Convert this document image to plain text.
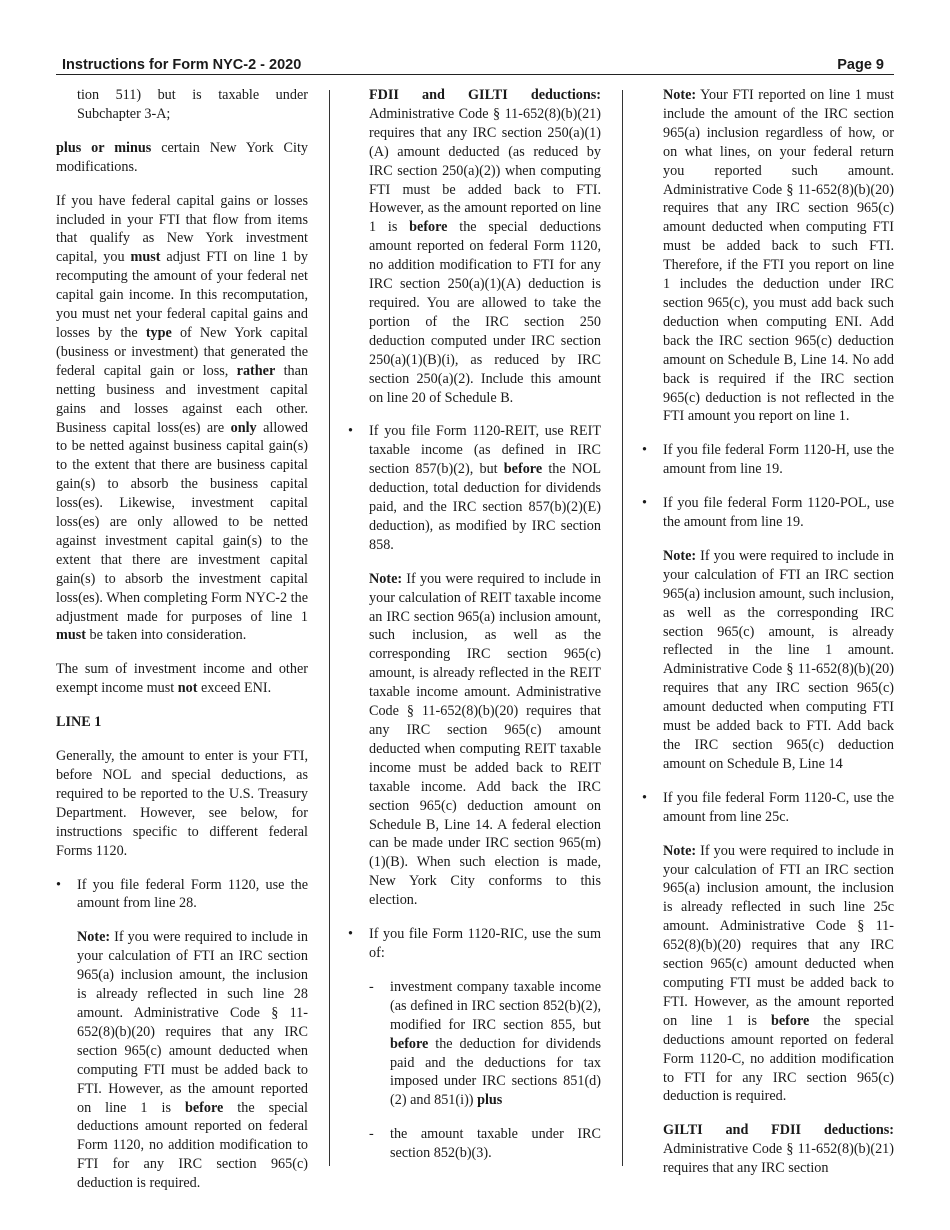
Instructions for Form NYC-2 - 2020	Page 9

tion 511) but is taxable under Subchapter 3-A;

plus or minus certain New York City modifications.

If you have federal capital gains or losses included in your FTI that flow from items that qualify as New York investment capital, you must adjust FTI on line 1 by recomputing the amount of your federal net capital gain income. In this recomputation, you must net your federal capital gains and losses by the type of New York capital (business or investment) that generated the federal capital gain or loss, rather than netting business and investment capital gains and losses against each other. Business capital loss(es) are only allowed to be netted against business capital gain(s) to the extent that there are business capital gain(s) to absorb the business capital loss(es). Likewise, investment capital loss(es) are only allowed to be netted against investment capital gain(s) to the extent that there are investment capital gain(s) to absorb the investment capital loss(es). When completing Form NYC-2 the adjustment made for purposes of line 1 must be taken into consideration.

The sum of investment income and other exempt income must not exceed ENI.

LINE 1

Generally, the amount to enter is your FTI, before NOL and special deductions, as required to be reported to the U.S. Treasury Department. However, see below, for instructions specific to different federal Forms 1120.

• If you file federal Form 1120, use the amount from line 28.

Note: If you were required to include in your calculation of FTI an IRC section 965(a) inclusion amount, the inclusion is already reflected in such line 28 amount. Administrative Code § 11-652(8)(b)(20) requires that any IRC section 965(c) amount deducted when computing FTI must be added back to FTI. However, as the amount reported on line 1 is before the special deductions amount reported on federal Form 1120, no addition modification to FTI for any IRC section 965(c) deduction is required.

FDII and GILTI deductions: Administrative Code § 11-652(8)(b)(21) requires that any IRC section 250(a)(1)(A) amount deducted (as reduced by IRC section 250(a)(2)) when computing FTI must be added back to FTI. However, as the amount reported on line 1 is before the special deductions amount reported on federal Form 1120, no addition modification to FTI for any IRC section 250(a)(1)(A) deduction is required. You are allowed to take the portion of the IRC section 250 deduction computed under IRC section 250(a)(1)(B)(i), as reduced by IRC section 250(a)(2). Include this amount on line 20 of Schedule B.

• If you file Form 1120-REIT, use REIT taxable income (as defined in IRC section 857(b)(2), but before the NOL deduction, total deduction for dividends paid, and the IRC section 857(b)(2)(E) deduction), as modified by IRC section 858.

Note: If you were required to include in your calculation of REIT taxable income an IRC section 965(a) inclusion amount, such inclusion, as well as the corresponding IRC section 965(c) amount, is already reflected in the REIT taxable income amount. Administrative Code § 11-652(8)(b)(20) requires that any IRC section 965(c) amount deducted when computing REIT taxable income must be added back to REIT taxable income. Add back the IRC section 965(c) deduction amount on Schedule B, Line 14. A federal election can be made under IRC section 965(m)(1)(B). When such election is made, New York City conforms to this election.

• If you file Form 1120-RIC, use the sum of:
- investment company taxable income (as defined in IRC section 852(b)(2), modified for IRC section 855, but before the deduction for dividends paid and the deductions for tax imposed under IRC sections 851(d)(2) and 851(i)) plus
- the amount taxable under IRC section 852(b)(3).

Note: Your FTI reported on line 1 must include the amount of the IRC section 965(a) inclusion regardless of how, or on what lines, on your federal return you reported such amount. Administrative Code § 11-652(8)(b)(20) requires that any IRC section 965(c) amount deducted when computing FTI must be added back to such FTI. Therefore, if the FTI you report on line 1 includes the deduction under IRC section 965(c), you must add back such deduction when computing ENI. Add back the IRC section 965(c) deduction amount on Schedule B, Line 14. No add back is required if the IRC section 965(c) deduction is not reflected in the FTI amount you report on line 1.

• If you file federal Form 1120-H, use the amount from line 19.
• If you file federal Form 1120-POL, use the amount from line 19.

Note: If you were required to include in your calculation of FTI an IRC section 965(a) inclusion amount, such inclusion, as well as the corresponding IRC section 965(c) amount, is already reflected in the line 1 amount. Administrative Code § 11-652(8)(b)(20) requires that any IRC section 965(c) amount deducted when computing FTI must be added back to FTI. Add back the IRC section 965(c) deduction amount on Schedule B, Line 14

• If you file federal Form 1120-C, use the amount from line 25c.

Note: If you were required to include in your calculation of FTI an IRC section 965(a) inclusion amount, the inclusion is already reflected in such line 25c amount. Administrative Code § 11-652(8)(b)(20) requires that any IRC section 965(c) amount deducted when computing FTI must be added back to FTI. However, as the amount reported on line 1 is before the special deductions amount reported on federal Form 1120-C, no addition modification to FTI for any IRC section 965(c) deduction is required.

GILTI and FDII deductions: Administrative Code § 11-652(8)(b)(21) requires that any IRC section
